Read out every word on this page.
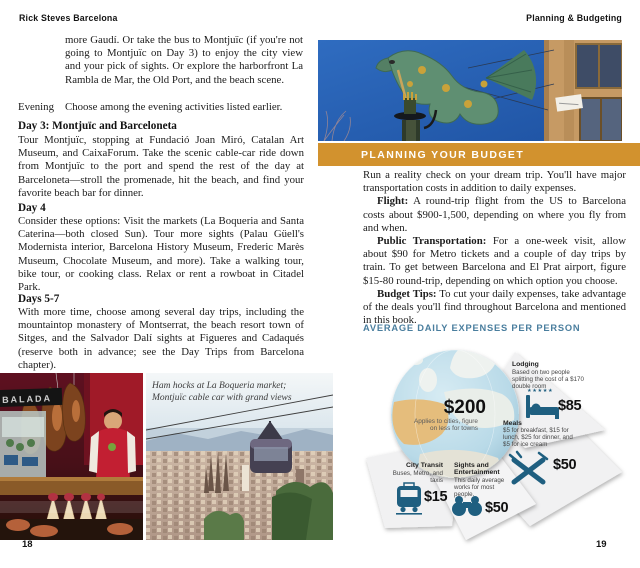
Rick Steves Barcelona
more Gaudí. Or take the bus to Montjuïc (if you're not going to Montjuïc on Day 3) to enjoy the city view and your pick of sights. Or explore the harborfront La Rambla de Mar, the Old Port, and the beach scene.
Evening Choose among the evening activities listed earlier.
Day 3: Montjuïc and Barceloneta
Tour Montjuïc, stopping at Fundació Joan Miró, Catalan Art Museum, and CaixaForum. Take the scenic cable-car ride down from Montjuïc to the port and spend the rest of the day at Barceloneta—stroll the promenade, hit the beach, and find your favorite beach bar for dinner.
Day 4
Consider these options: Visit the markets (La Boqueria and Santa Caterina—both closed Sun). Tour more sights (Palau Güell's Modernista interior, Barcelona History Museum, Frederic Marès Museum, Chocolate Museum, and more). Take a walking tour, bike tour, or cooking class. Relax or rent a rowboat in Citadel Park.
Days 5-7
With more time, choose among several day trips, including the mountaintop monastery of Montserrat, the beach resort town of Sitges, and the Salvador Dalí sights at Figueres and Cadaqués (reserve both in advance; see the Day Trips from Barcelona chapter).
BALADA
Ham hocks at La Boqueria market;
Montjuïc cable car with grand views
18
Planning & Budgeting
PLANNING YOUR BUDGET

Run a reality check on your dream trip. You'll have major transportation costs in addition to daily expenses.

Flight: A round-trip flight from the US to Barcelona costs about $900-1,500, depending on where you fly from and when.

Public Transportation: For a one-week visit, allow about $90 for Metro tickets and a couple of day trips by train. To get between Barcelona and El Prat airport, figure $15-80 round-trip, depending on which option you choose.

Budget Tips: To cut your daily expenses, take advantage of the deals you'll find throughout Barcelona and mentioned in this book.

AVERAGE DAILY EXPENSES PER PERSON
$200
Applies to cities, figure on less for towns
Lodging
Based on two people splitting the cost of a $170 double room
★★★★★
$85
Meals
$5 for breakfast, $15 for lunch, $25 for dinner, and $5 for ice cream
$50
City Transit
Buses, Metro, and taxis
$15
Sights and Entertainment
This daily average works for most people.
$50
19
